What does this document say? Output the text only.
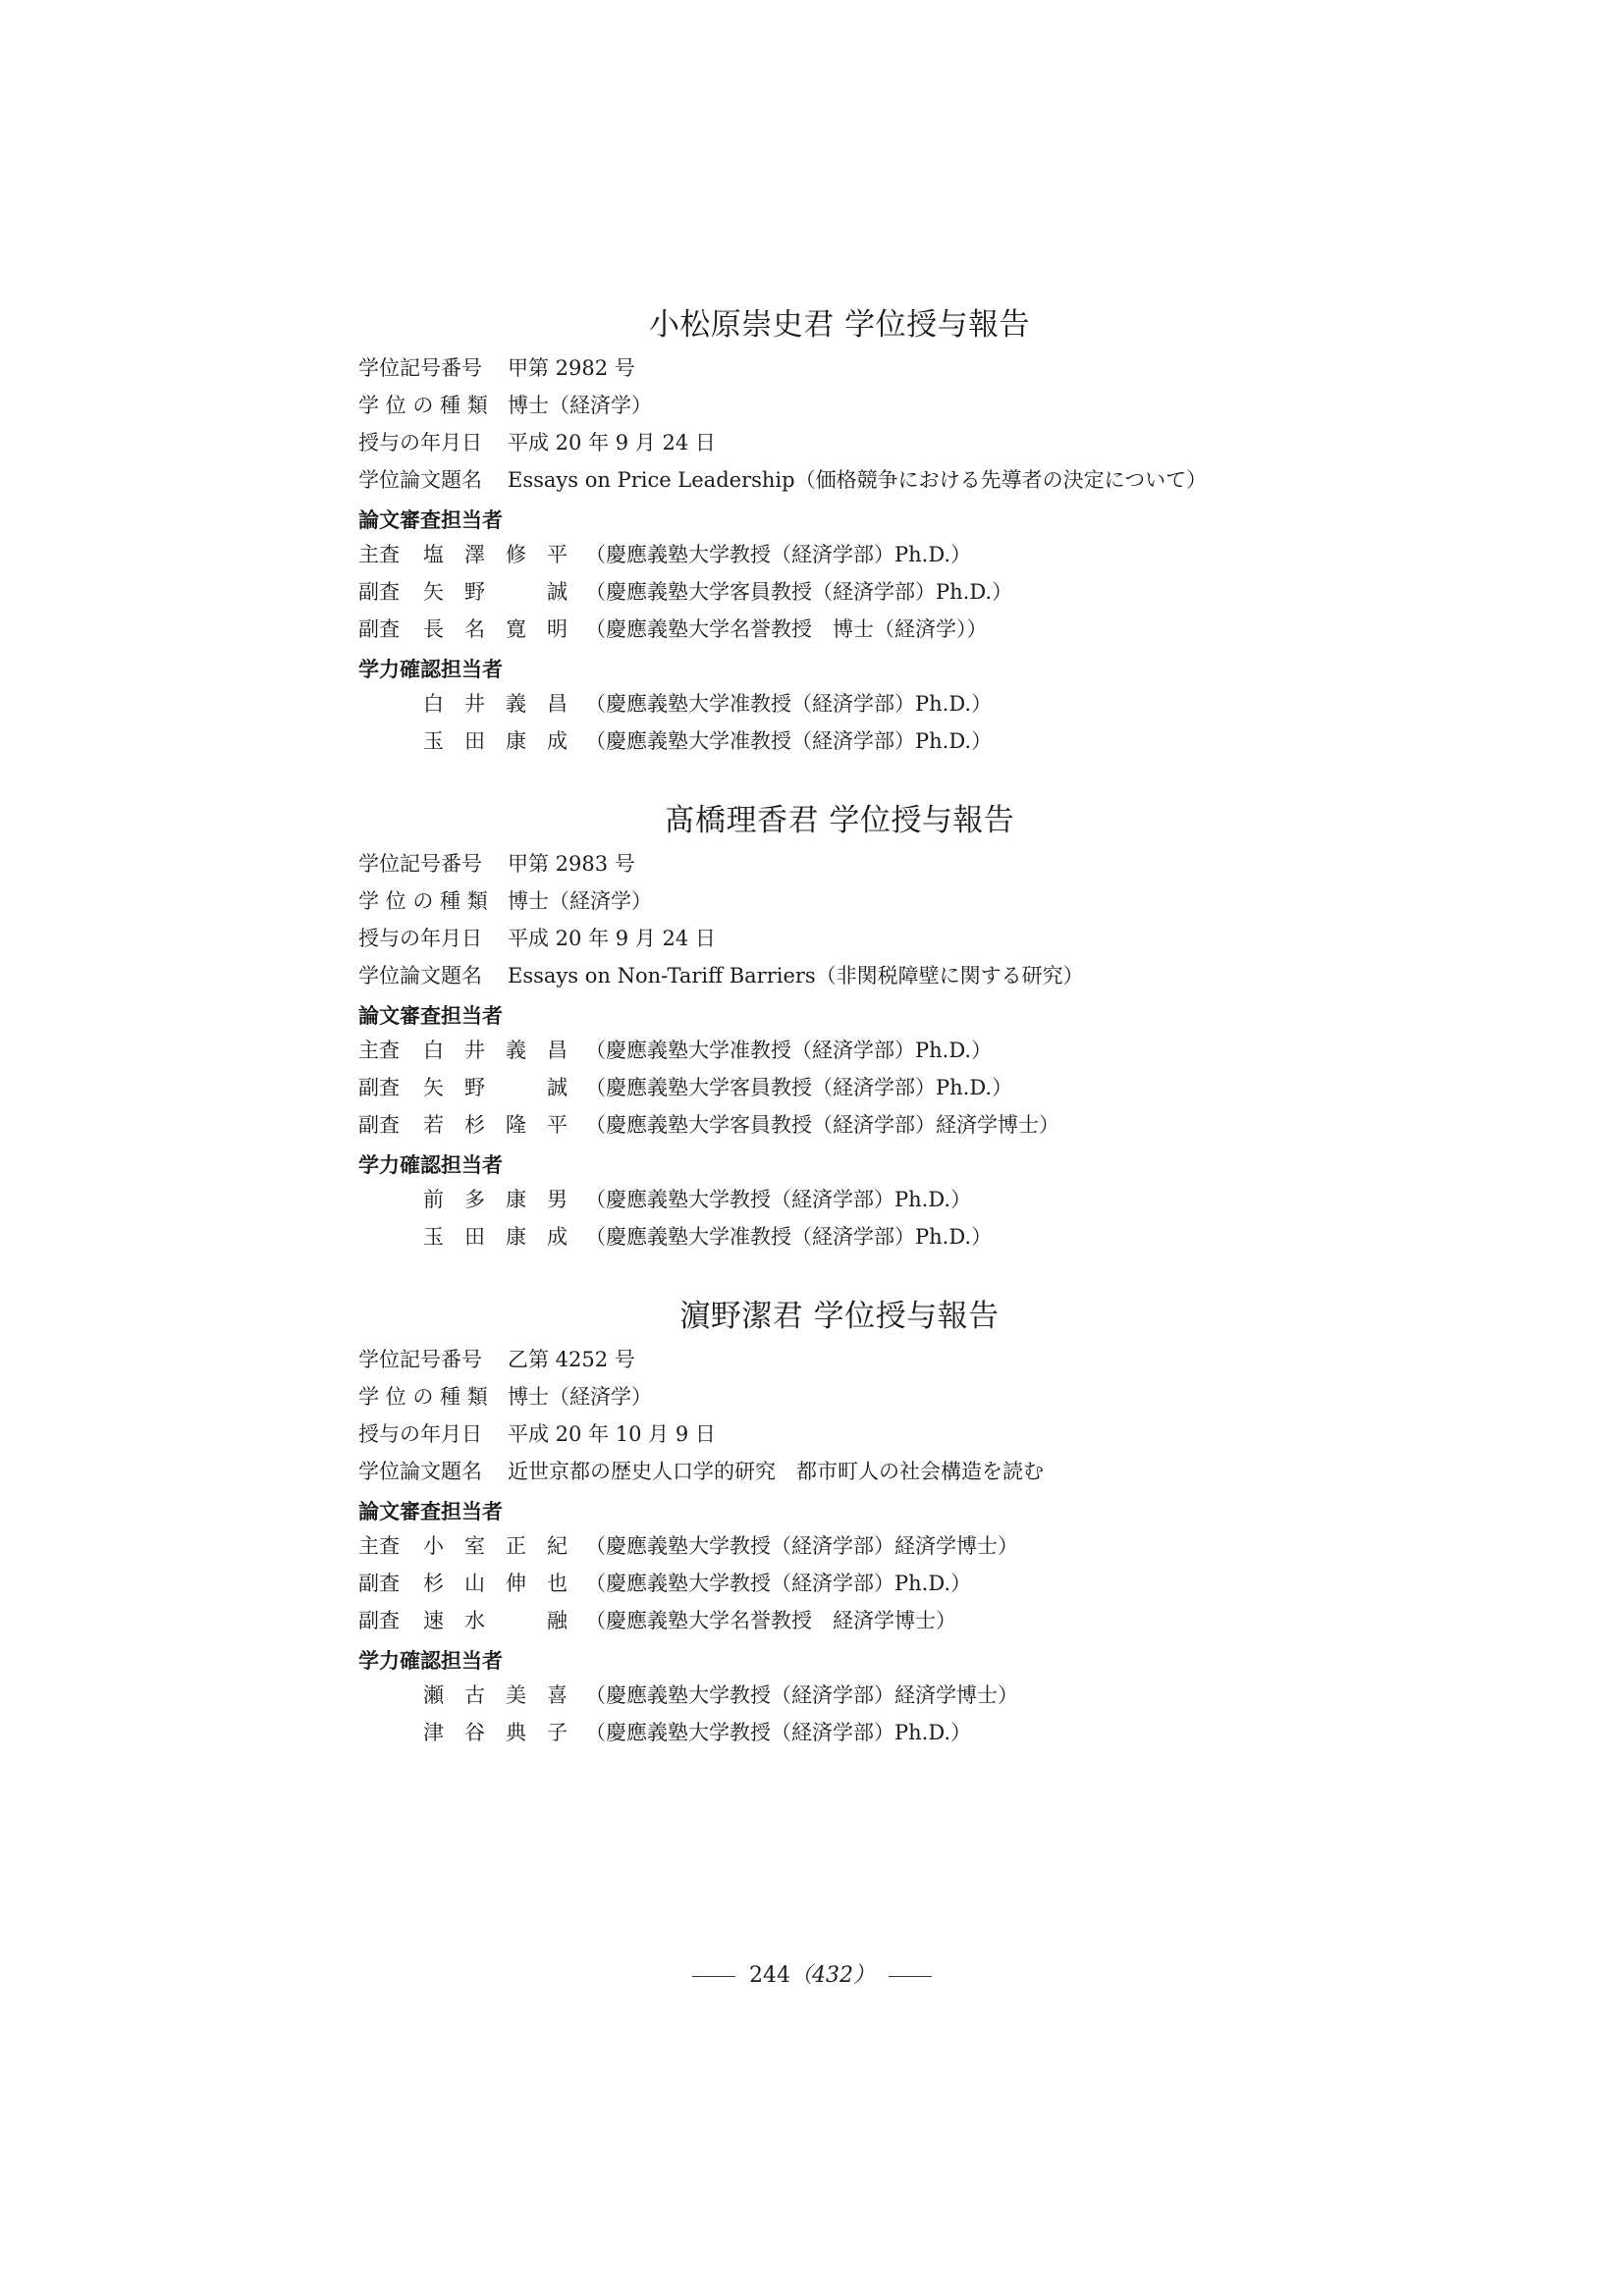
小松原崇史君 学位授与報告
学位記号番号 甲第 2982 号
学 位 の 種 類 博士（経済学）
授与の年月日 平成 20 年 9 月 24 日
学位論文題名 Essays on Price Leadership（価格競争における先導者の決定について）
論文審査担当者
主査 塩　澤　修　平 （慶應義塾大学教授（経済学部）Ph.D.）
副査 矢　野　　　誠 （慶應義塾大学客員教授（経済学部）Ph.D.）
副査 長　名　寛　明 （慶應義塾大学名誉教授　博士（経済学））
学力確認担当者
白　井　義　昌 （慶應義塾大学准教授（経済学部）Ph.D.）
玉　田　康　成 （慶應義塾大学准教授（経済学部）Ph.D.）
髙橋理香君 学位授与報告
学位記号番号 甲第 2983 号
学 位 の 種 類 博士（経済学）
授与の年月日 平成 20 年 9 月 24 日
学位論文題名 Essays on Non-Tariff Barriers（非関税障壁に関する研究）
論文審査担当者
主査 白　井　義　昌 （慶應義塾大学准教授（経済学部）Ph.D.）
副査 矢　野　　　誠 （慶應義塾大学客員教授（経済学部）Ph.D.）
副査 若　杉　隆　平 （慶應義塾大学客員教授（経済学部）経済学博士）
学力確認担当者
前　多　康　男 （慶應義塾大学教授（経済学部）Ph.D.）
玉　田　康　成 （慶應義塾大学准教授（経済学部）Ph.D.）
濵野潔君 学位授与報告
学位記号番号 乙第 4252 号
学 位 の 種 類 博士（経済学）
授与の年月日 平成 20 年 10 月 9 日
学位論文題名 近世京都の歴史人口学的研究　都市町人の社会構造を読む
論文審査担当者
主査 小　室　正　紀 （慶應義塾大学教授（経済学部）経済学博士）
副査 杉　山　伸　也 （慶應義塾大学教授（経済学部）Ph.D.）
副査 速　水　　　融 （慶應義塾大学名誉教授　経済学博士）
学力確認担当者
瀬　古　美　喜 （慶應義塾大学教授（経済学部）経済学博士）
津　谷　典　子 （慶應義塾大学教授（経済学部）Ph.D.）
244（432）
